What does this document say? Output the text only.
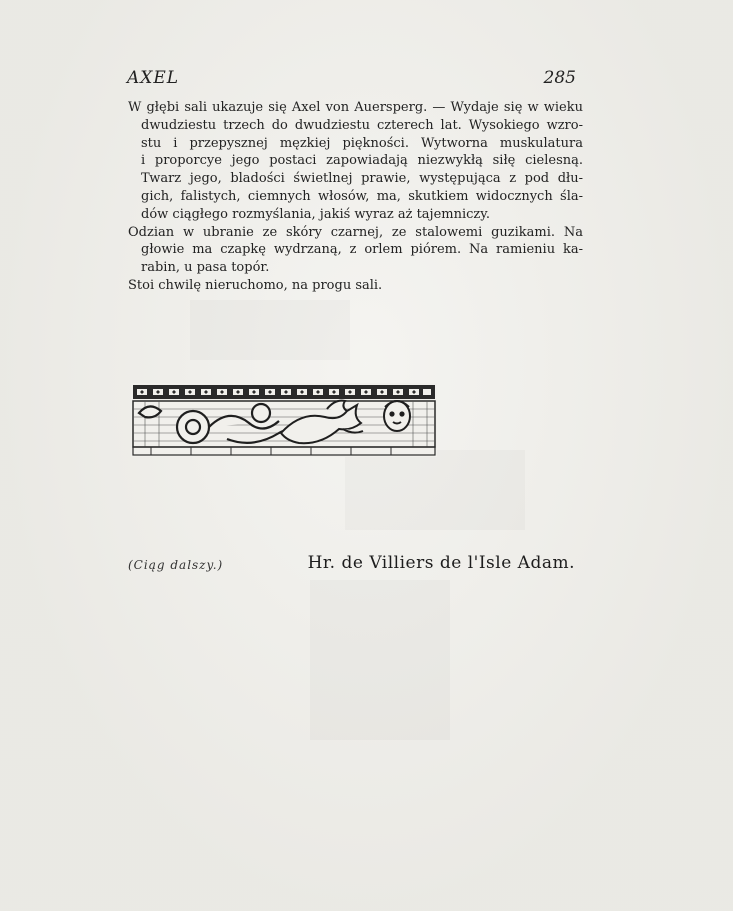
AXEL	285
W głębi sali ukazuje się Axel von Auersperg. — Wydaje się w wieku
dwudziestu trzech do dwudziestu czterech lat. Wysokiego wzro-
stu i przepysznej męzkiej piękności. Wytworna muskulatura
i proporcye jego postaci zapowiadają niezwykłą siłę cielesną.
Twarz jego, bladości świetlnej prawie, występująca z pod dłu-
gich, falistych, ciemnych włosów, ma, skutkiem widocznych śla-
dów ciągłego rozmyślania, jakiś wyraz aż tajemniczy.
Odzian w ubranie ze skóry czarnej, ze stalowemi guzikami. Na
głowie ma czapkę wydrzaną, z orlem piórem. Na ramieniu ka-
rabin, u pasa topór.
Stoi chwilę nieruchomo, na progu sali.
(Ciąg dalszy.)	Hr. de Villiers de l'Isle Adam.
